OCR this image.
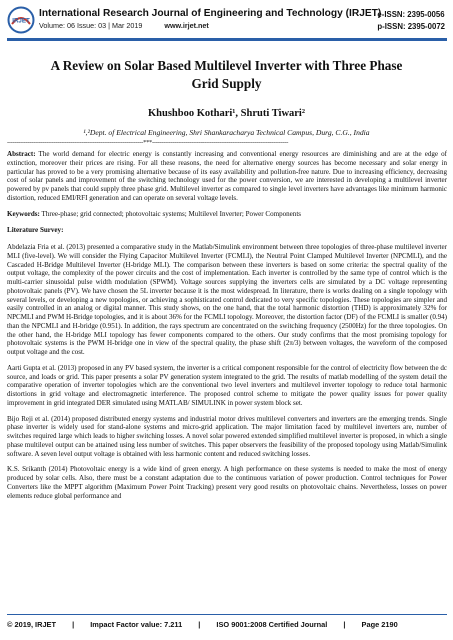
IRJET
International Research Journal of Engineering and Technology (IRJET)
Volume: 06 Issue: 03 | Mar 2019	www.irjet.net
e-ISSN: 2395-0056
p-ISSN: 2395-0072
A Review on Solar Based Multilevel Inverter with Three Phase
Grid Supply
Khushboo Kothari¹, Shruti Tiwari²
¹,²Dept. of Electrical Engineering, Shri Shankaracharya Technical Campus, Durg, C.G., India
-------------------------------------------------------------------------***-------------------------------------------------------------------------

Abstract: The world demand for electric energy is constantly increasing and conventional energy resources are diminishing and are at the edge of extinction, moreover their prices are rising. For all these reasons, the need for alternative energy sources has become necessary and solar energy in particular has proved to be a very promising alternative because of its easy availability and pollution-free nature. Due to increasing efficiency, decreasing cost of solar panels and improvement of the switching technology used for the power conversion, we are interested in developing a multilevel inverter powered by pv panels that could supply three phase grid. Multilevel inverter as compared to single level inverters have advantages like minimum harmonic distortion, reduced EMI/RFI generation and can operate on several voltage levels.

Keywords: Three-phase; grid connected; photovoltaic systems; Multilevel Inverter; Power Components

Literature Survey:

Abdelazia Fria et al. (2013) presented a comparative study in the Matlab/Simulink environment between three topologies of three-phase multilevel inverter MLI (five-level). We will consider the Flying Capacitor Multilevel Inverter (FCMLI), the Neutral Point Clamped Multilevel Inverter (NPCMLI), and the Cascaded H-Bridge Multilevel Inverter (H-bridge MLI). The comparison between these inverters is based on some criteria: the spectral quality of the output voltage, the complexity of the power circuits and the cost of implementation. Each inverter is controlled by the same type of control which is the multi-carrier sinusoidal pulse width modulation (SPWM). Voltage sources supplying the inverters cells are simulated by a DC voltage representing photovoltaic panels (PV). We have chosen the 5L inverter because it is the most widespread. In literature, there is works dealing on a single topology with several levels, or developing a new topologies, or achieving a sophisticated control dedicated to very specific topologies. These topologies are simpler and easily controlled in an analog or digital manner. This study shows, on the one hand, that the total harmonic distortion (THD) is approximately 32% for NPCMLI and PWM H-Bridge topologies, and it is about 36% for the FCMLI topology. Moreover, the distortion factor (DF) of the FCMLI is smaller (0.94) than the NPCMLI and H-bridge (0.951). In addition, the rays spectrum are concentrated on the switching frequency (2500Hz) for the three topologies. On the other hand, the H-bridge MLI topology has fewer components compared to the others. Our study confirms that the most promising topology for photovoltaic systems is the PWM H-bridge one in view of the spectral quality, the phase shift (2π/3) between voltages, the waveform of the composed output voltage and the cost.

Aarti Gupta et al. (2013) proposed in any PV based system, the inverter is a critical component responsible for the control of electricity flow between the dc source, and loads or grid. This paper presents a solar PV generation system integrated to the grid. The results of matlab modelling of the system detail the comparative operation of inverter topologies which are the conventional two level inverters and multilevel inverter topology to reduce total harmonic distortions in grid voltage and electromagnetic interference. The proposed control scheme to mitigate the power quality issues for power quality improvement in grid integrated DER simulated using MATLAB/ SIMULINK in power system block set.

Bijo Reji et al. (2014) proposed distributed energy systems and industrial motor drives multilevel converters and inverters are the emerging trends. Single phase inverter is widely used for stand-alone systems and micro-grid application. The major limitation faced by multilevel inverters are, number of switches required large which leads to higher switching losses. A novel solar powered extended simplified multilevel inverter is proposed, in which a single phase multilevel output can be attained using less number of switches. This paper observers the feasibility of the proposed topology using Matlab/Simulink software. A seven level output voltage is obtained with less harmonic content and reduced switching losses.

K.S. Srikanth (2014) Photovoltaic energy is a wide kind of green energy. A high performance on these systems is needed to make the most of energy produced by solar cells. Also, there must be a constant adaptation due to the continuous variation of power production. Control techniques for Power Converters like the MPPT algorithm (Maximum Power Point Tracking) present very good results on photovoltaic chains. Nevertheless, losses on power elements reduce global performance and

© 2019, IRJET | Impact Factor value: 7.211 | ISO 9001:2008 Certified Journal | Page 2190
